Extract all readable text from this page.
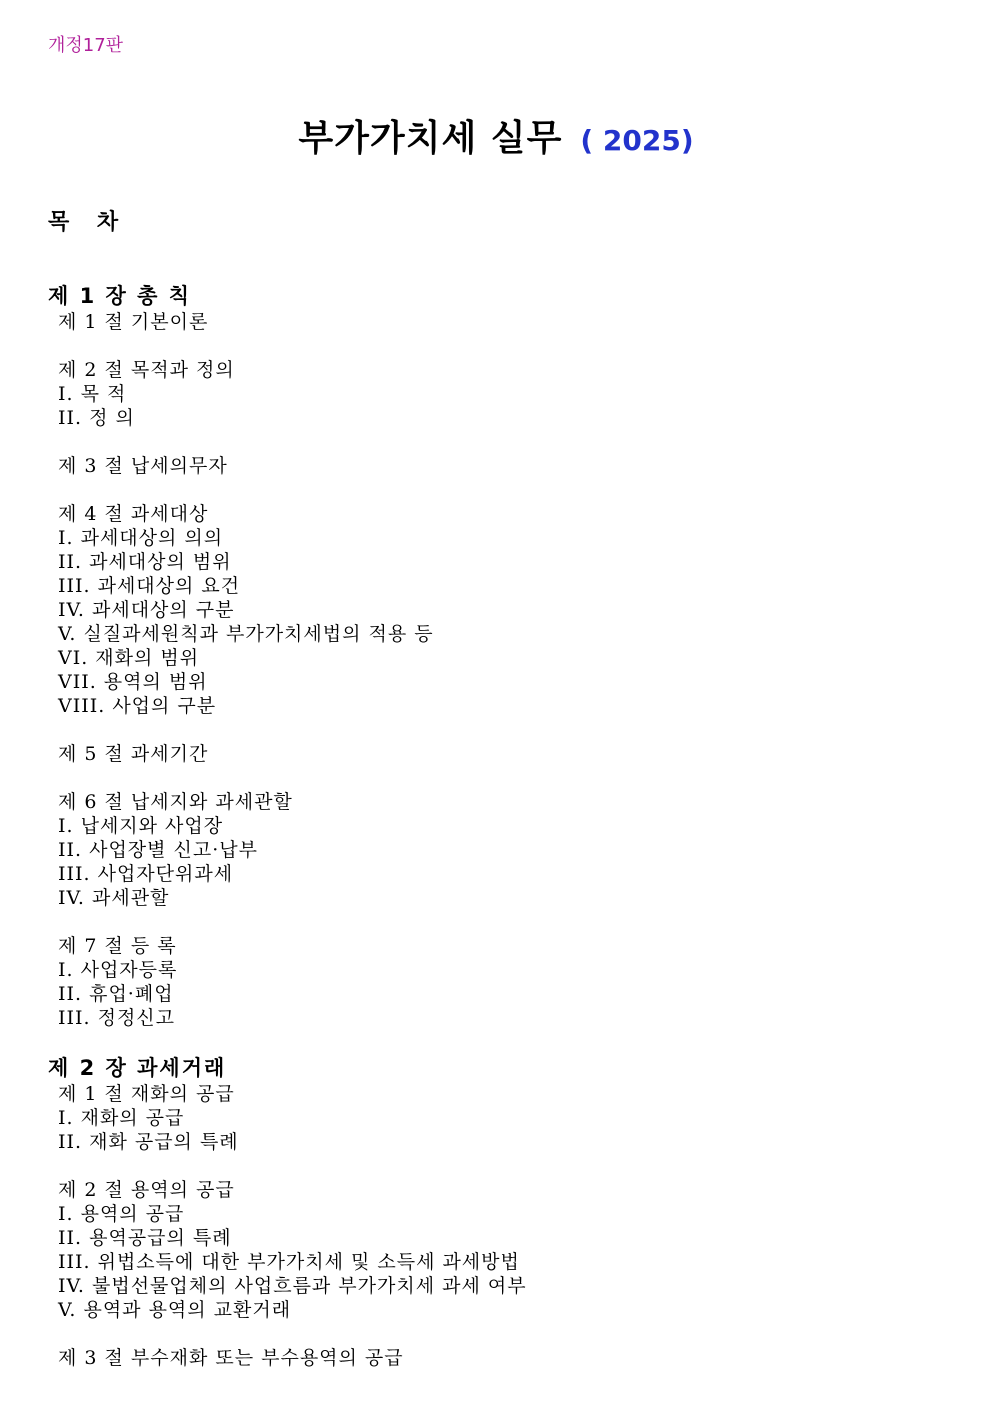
개정17판
부가가치세 실무 ( 2025)
목 차
제 1 장 총 칙
제 1 절 기본이론
제 2 절 목적과 정의
I. 목 적
II. 정 의
제 3 절 납세의무자
제 4 절 과세대상
I. 과세대상의 의의
II. 과세대상의 범위
III. 과세대상의 요건
IV. 과세대상의 구분
V. 실질과세원칙과 부가가치세법의 적용 등
VI. 재화의 범위
VII. 용역의 범위
VIII. 사업의 구분
제 5 절 과세기간
제 6 절 납세지와 과세관할
I. 납세지와 사업장
II. 사업장별 신고·납부
III. 사업자단위과세
IV. 과세관할
제 7 절 등 록
Ⅰ. 사업자등록
II. 휴업·폐업
III. 정정신고
제 2 장 과세거래
제 1 절 재화의 공급
I. 재화의 공급
II. 재화 공급의 특례
제 2 절 용역의 공급
I. 용역의 공급
II. 용역공급의 특례
III. 위법소득에 대한 부가가치세 및 소득세 과세방법
IV. 불법선물업체의 사업흐름과 부가가치세 과세 여부
V. 용역과 용역의 교환거래
제 3 절 부수재화 또는 부수용역의 공급
